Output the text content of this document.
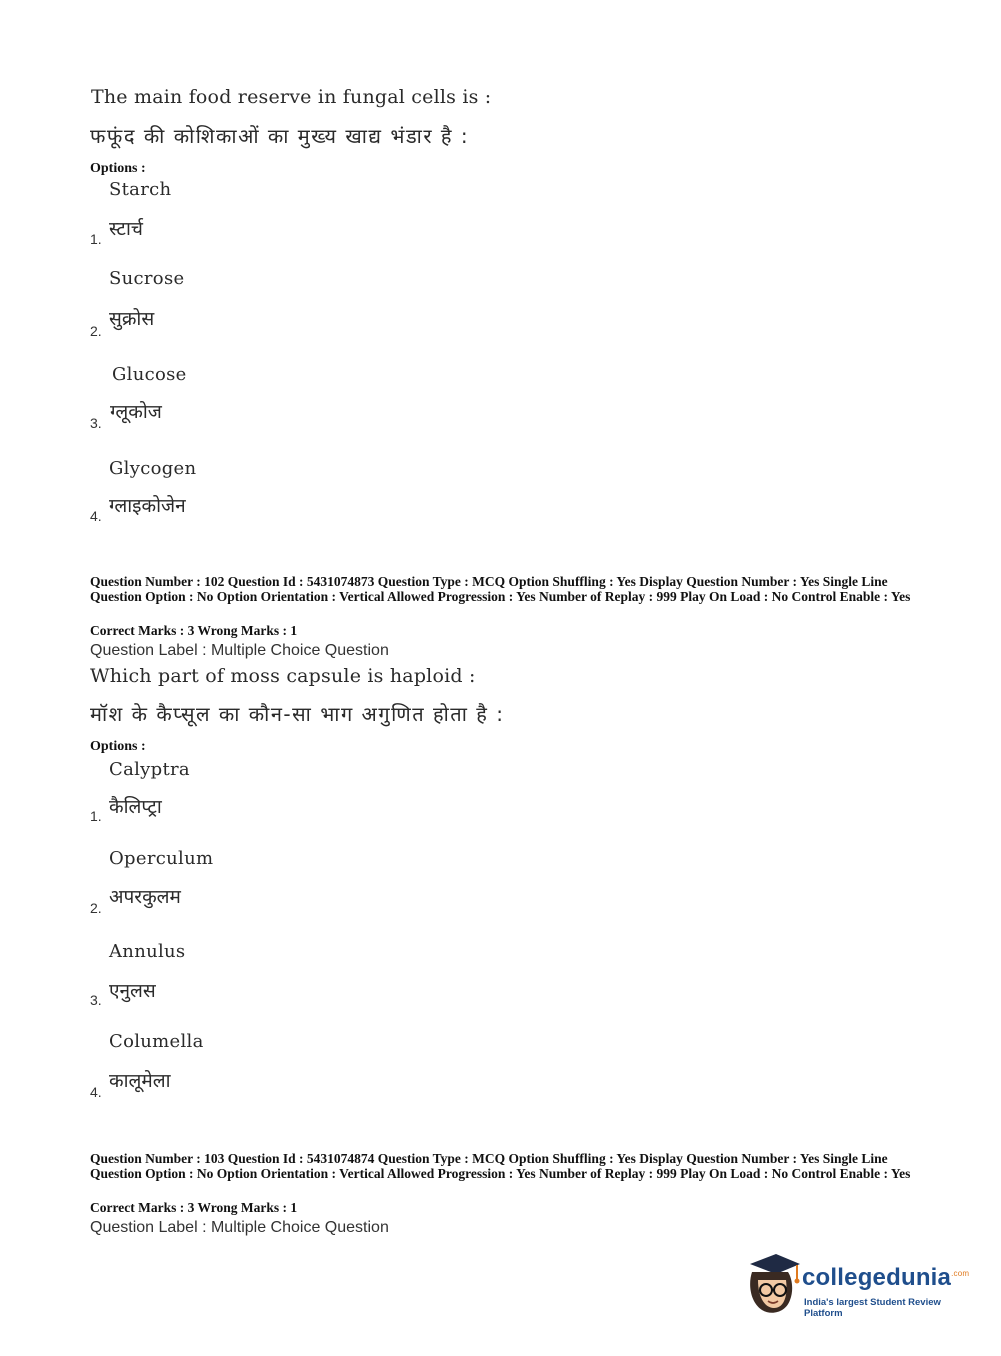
The main food reserve in fungal cells is :
फफूंद की कोशिकाओं का मुख्य खाद्य भंडार है :
Options :
Starch
स्टार्च
1.
Sucrose
सुक्रोस
2.
Glucose
ग्लूकोज
3.
Glycogen
ग्लाइकोजेन
4.
Question Number : 102 Question Id : 5431074873 Question Type : MCQ Option Shuffling : Yes Display Question Number : Yes Single Line Question Option : No Option Orientation : Vertical Allowed Progression : Yes Number of Replay : 999 Play On Load : No Control Enable : Yes
Correct Marks : 3 Wrong Marks : 1
Question Label : Multiple Choice Question
Which part of moss capsule is haploid :
मॉश के कैप्सूल का कौन-सा भाग अगुणित होता है :
Options :
Calyptra
कैलिप्ट्रा
1.
Operculum
अपरकुलम
2.
Annulus
एनुलस
3.
Columella
कालूमेला
4.
Question Number : 103 Question Id : 5431074874 Question Type : MCQ Option Shuffling : Yes Display Question Number : Yes Single Line Question Option : No Option Orientation : Vertical Allowed Progression : Yes Number of Replay : 999 Play On Load : No Control Enable : Yes
Correct Marks : 3 Wrong Marks : 1
Question Label : Multiple Choice Question
collegedunia$^{.com}$
India's largest Student Review Platform
